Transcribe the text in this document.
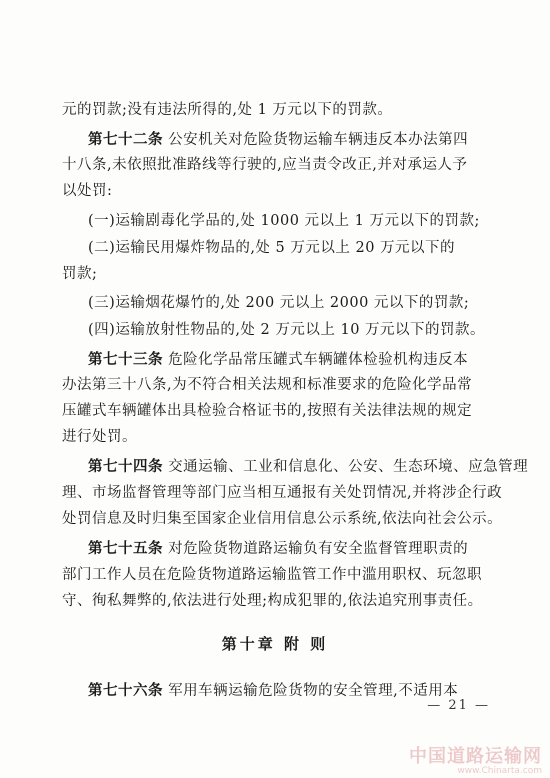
元的罚款;没有违法所得的,处 1 万元以下的罚款。
第七十二条 公安机关对危险货物运输车辆违反本办法第四
十八条,未依照批准路线等行驶的,应当责令改正,并对承运人予
以处罚:
(一)运输剧毒化学品的,处 1000 元以上 1 万元以下的罚款;
(二)运输民用爆炸物品的,处 5 万元以上 20 万元以下的
罚款;
(三)运输烟花爆竹的,处 200 元以上 2000 元以下的罚款;
(四)运输放射性物品的,处 2 万元以上 10 万元以下的罚款。
第七十三条 危险化学品常压罐式车辆罐体检验机构违反本
办法第三十八条,为不符合相关法规和标准要求的危险化学品常
压罐式车辆罐体出具检验合格证书的,按照有关法律法规的规定
进行处罚。
第七十四条 交通运输、工业和信息化、公安、生态环境、应急管理
理、市场监督管理等部门应当相互通报有关处罚情况,并将涉企行政
处罚信息及时归集至国家企业信用信息公示系统,依法向社会公示。
第七十五条 对危险货物道路运输负有安全监督管理职责的
部门工作人员在危险货物道路运输监管工作中滥用职权、玩忽职
守、徇私舞弊的,依法进行处理;构成犯罪的,依法追究刑事责任。
第七十六条 军用车辆运输危险货物的安全管理,不适用本
第十章 附 则
— 21 —
中国道路运输网
www.Chinarta.com
